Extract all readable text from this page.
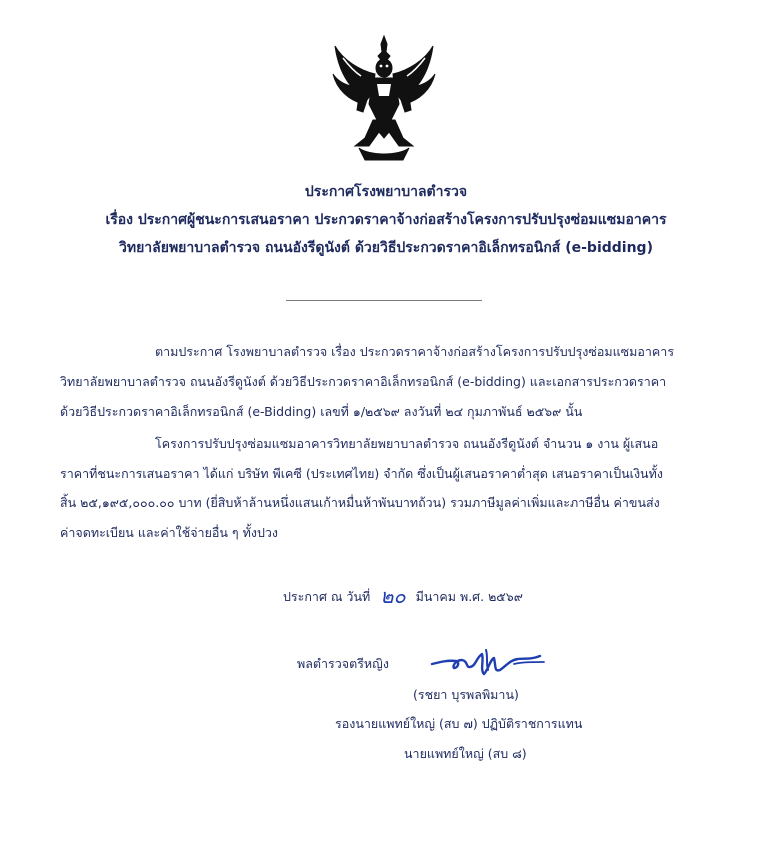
ประกาศโรงพยาบาลตำรวจ
เรื่อง ประกาศผู้ชนะการเสนอราคา ประกวดราคาจ้างก่อสร้างโครงการปรับปรุงซ่อมแซมอาคาร
วิทยาลัยพยาบาลตำรวจ ถนนอังรีดูนังต์ ด้วยวิธีประกวดราคาอิเล็กทรอนิกส์ (e-bidding)
ตามประกาศ โรงพยาบาลตำรวจ เรื่อง ประกวดราคาจ้างก่อสร้างโครงการปรับปรุงซ่อมแซมอาคาร
วิทยาลัยพยาบาลตำรวจ ถนนอังรีดูนังต์ ด้วยวิธีประกวดราคาอิเล็กทรอนิกส์ (e-bidding) และเอกสารประกวดราคา
ด้วยวิธีประกวดราคาอิเล็กทรอนิกส์ (e-Bidding) เลขที่ ๑/๒๕๖๙ ลงวันที่ ๒๔ กุมภาพันธ์ ๒๕๖๙ นั้น
โครงการปรับปรุงซ่อมแซมอาคารวิทยาลัยพยาบาลตำรวจ ถนนอังรีดูนังต์ จำนวน ๑ งาน ผู้เสนอ
ราคาที่ชนะการเสนอราคา ได้แก่ บริษัท พีเคซี (ประเทศไทย) จำกัด ซึ่งเป็นผู้เสนอราคาต่ำสุด เสนอราคาเป็นเงินทั้ง
สิ้น ๒๕,๑๙๕,๐๐๐.๐๐ บาท (ยี่สิบห้าล้านหนึ่งแสนเก้าหมื่นห้าพันบาทถ้วน) รวมภาษีมูลค่าเพิ่มและภาษีอื่น ค่าขนส่ง
ค่าจดทะเบียน และค่าใช้จ่ายอื่น ๆ ทั้งปวง
ประกาศ ณ วันที่ ๒๐ มีนาคม พ.ศ. ๒๕๖๙
พลตำรวจตรีหญิง
(รชยา บุรพลพิมาน)
รองนายแพทย์ใหญ่ (สบ ๗) ปฏิบัติราชการแทน
นายแพทย์ใหญ่ (สบ ๘)
